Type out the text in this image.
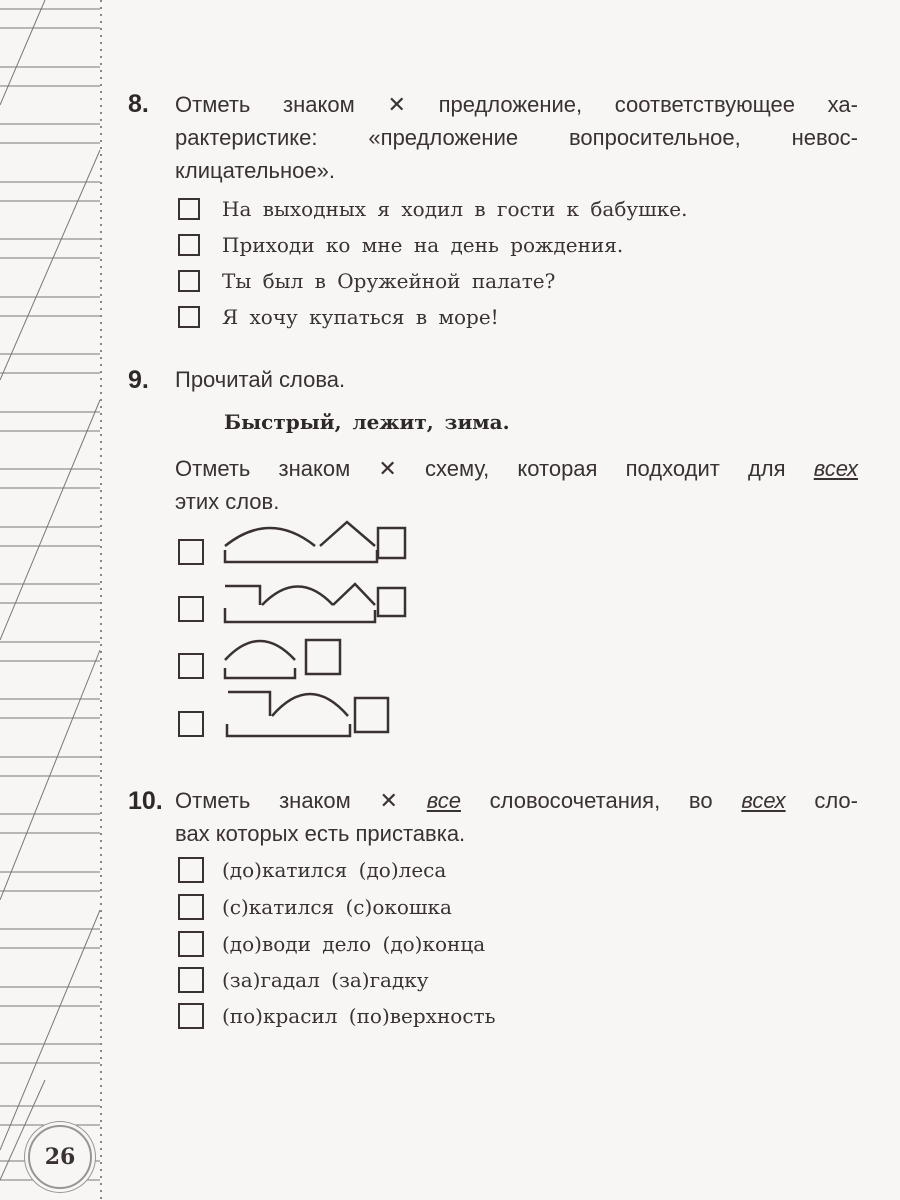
26
8. Отметь знаком ✕ предложение, соответствующее ха-
рактеристике: «предложение вопросительное, невос-
клицательное».
На выходных я ходил в гости к бабушке.
Приходи ко мне на день рождения.
Ты был в Оружейной палате?
Я хочу купаться в море!
9. Прочитай слова.
Быстрый, лежит, зима.
Отметь знаком ✕ схему, которая подходит для всех
этих слов.
10. Отметь знаком ✕ все словосочетания, во всех сло-
вах которых есть приставка.
(до)катился (до)леса
(с)катился (с)окошка
(до)води дело (до)конца
(за)гадал (за)гадку
(по)красил (по)верхность
